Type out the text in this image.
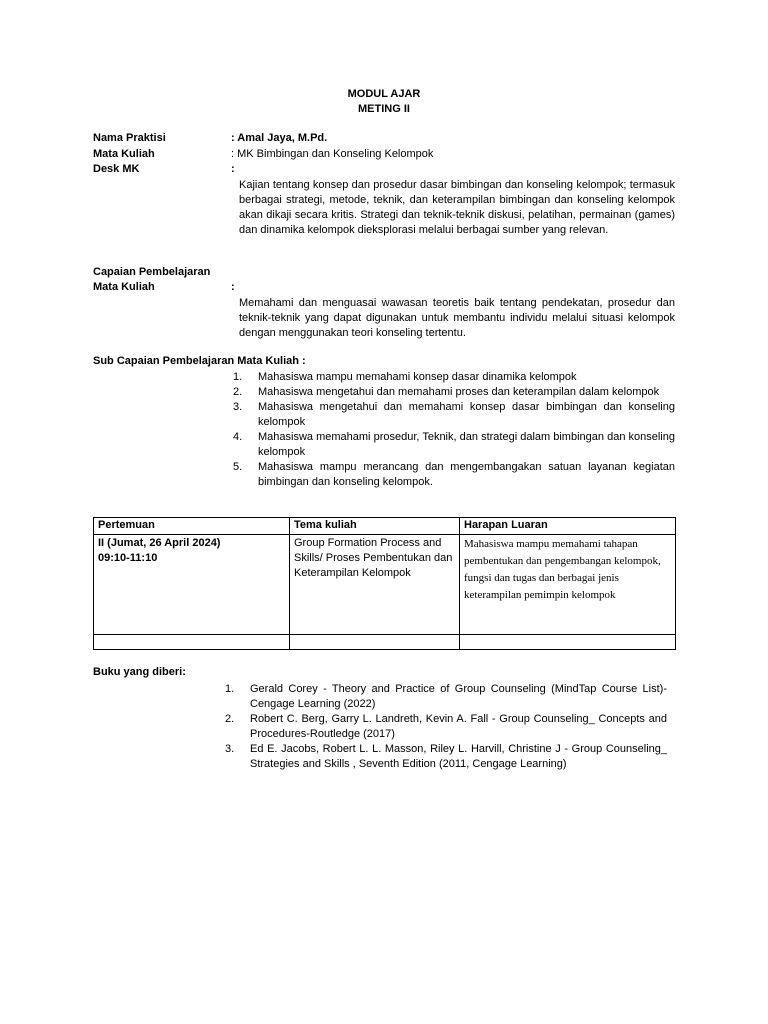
MODUL AJAR
METING II
Nama Praktisi	: Amal Jaya, M.Pd.
Mata Kuliah	: MK Bimbingan dan Konseling Kelompok
Desk MK	:
Kajian tentang konsep dan prosedur dasar bimbingan dan konseling kelompok; termasuk berbagai strategi, metode, teknik, dan keterampilan bimbingan dan konseling kelompok akan dikaji secara kritis. Strategi dan teknik-teknik diskusi, pelatihan, permainan (games) dan dinamika kelompok dieksplorasi melalui berbagai sumber yang relevan.
Capaian Pembelajaran
Mata Kuliah	:
Memahami dan menguasai wawasan teoretis baik tentang pendekatan, prosedur dan teknik-teknik yang dapat digunakan untuk membantu individu melalui situasi kelompok dengan menggunakan teori konseling tertentu.
Sub Capaian Pembelajaran Mata Kuliah :
1. Mahasiswa mampu memahami konsep dasar dinamika kelompok
2. Mahasiswa mengetahui dan memahami proses dan keterampilan dalam kelompok
3. Mahasiswa mengetahui dan memahami konsep dasar bimbingan dan konseling kelompok
4. Mahasiswa memahami prosedur, Teknik, dan strategi dalam bimbingan dan konseling kelompok
5. Mahasiswa mampu merancang dan mengembangakan satuan layanan kegiatan bimbingan dan konseling kelompok.
Pertemuan	Tema kuliah	Harapan Luaran

II (Jumat, 26 April 2024)
09:10-11:10	Group Formation Process and Skills/ Proses Pembentukan dan Keterampilan Kelompok	Mahasiswa mampu memahami tahapan pembentukan dan pengembangan kelompok, fungsi dan tugas dan berbagai jenis keterampilan pemimpin kelompok

Buku yang diberi:
1. Gerald Corey - Theory and Practice of Group Counseling (MindTap Course List)-Cengage Learning (2022)
2. Robert C. Berg, Garry L. Landreth, Kevin A. Fall - Group Counseling_ Concepts and Procedures-Routledge (2017)
3. Ed E. Jacobs, Robert L. L. Masson, Riley L. Harvill, Christine J - Group Counseling_ Strategies and Skills , Seventh Edition (2011, Cengage Learning)
